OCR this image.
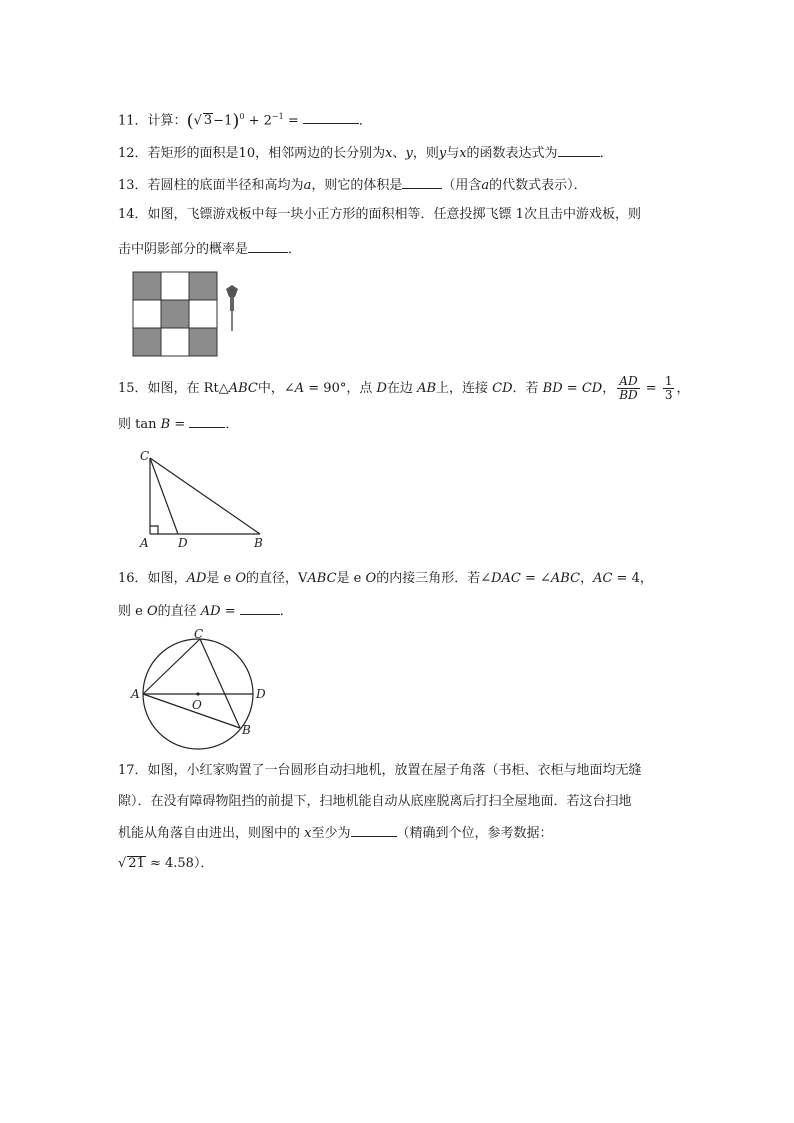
11．计算：(√ $3-1)^0 + 2^{-1}$ =	．
12．若矩形的面积是10，相邻两边的长分别为x、y，则y与x的函数表达式为	．
13．若圆柱的底面半径和高均为a，则它的体积是	（用含a的代数式表示）．
14．如图，飞镖游戏板中每一块小正方形的面积相等．任意投掷飞镖 1次且击中游戏板，则
击中阴影部分的概率是	．
15．如图，在 Rt△ABC中，∠A = 90°，点 D在边 AB上，连接 CD．若 BD = CD， $\frac{AD}{BD} = \frac{1}{3}$ ，
则 tan B =	．
C
A D	B
16．如图，AD是 e O的直径，VABC是 e O的内接三角形．若∠DAC = ∠ABC，AC = 4，
则 e O的直径 AD =	．
C
A	D
O
B
17．如图，小红家购置了一台圆形自动扫地机，放置在屋子角落（书柜、衣柜与地面均无缝
隙）．在没有障碍物阻挡的前提下，扫地机能自动从底座脱离后打扫全屋地面．若这台扫地
机能从角落自由进出，则图中的 x至少为	（精确到个位，参考数据：
√ 21 ≈ 4.58）．
